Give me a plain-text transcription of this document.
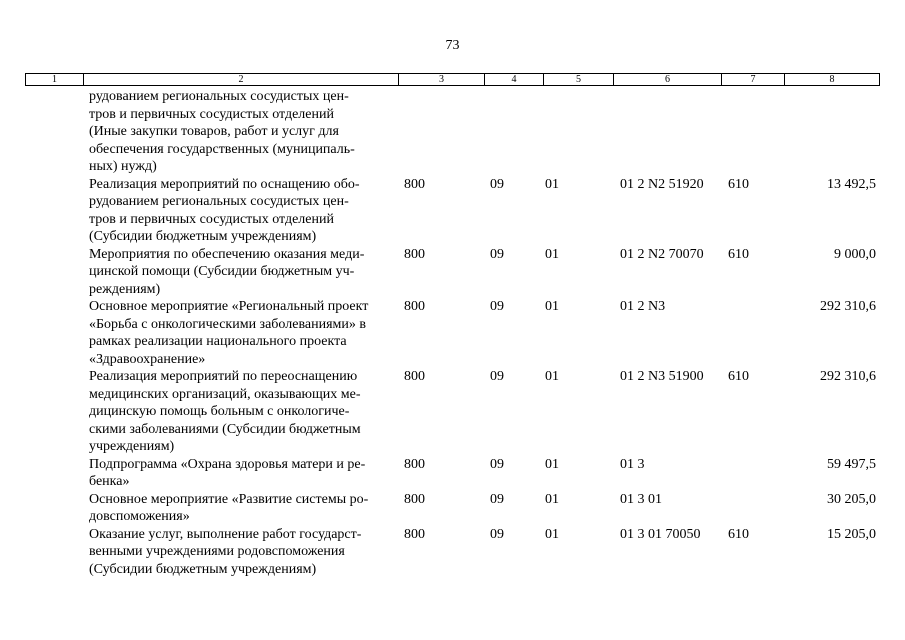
73
1	2	3	4	5	6	7	8
рудованием региональных сосудистых цен-
тров и первичных сосудистых отделений
(Иные закупки товаров, работ и услуг для
обеспечения государственных (муниципаль-
ных) нужд)
Реализация мероприятий по оснащению обо-
рудованием региональных сосудистых цен-
тров и первичных сосудистых отделений
(Субсидии бюджетным учреждениям)
800	09	01	01 2 N2 51920 610	13 492,5
Мероприятия по обеспечению оказания меди-
цинской помощи (Субсидии бюджетным уч-
реждениям)
800	09	01	01 2 N2 70070 610	9 000,0
Основное мероприятие «Региональный проект
«Борьба с онкологическими заболеваниями» в
рамках реализации национального проекта
«Здравоохранение»
800	09	01	01 2 N3	292 310,6
Реализация мероприятий по переоснащению
медицинских организаций, оказывающих ме-
дицинскую помощь больным с онкологиче-
скими заболеваниями (Субсидии бюджетным
учреждениям)
800	09	01	01 2 N3 51900 610	292 310,6
Подпрограмма «Охрана здоровья матери и ре-
бенка»
800	09	01	01 3	59 497,5
Основное мероприятие «Развитие системы ро-
довспоможения»
800	09	01	01 3 01	30 205,0
Оказание услуг, выполнение работ государст-
венными учреждениями родовспоможения
(Субсидии бюджетным учреждениям)
800	09	01	01 3 01 70050 610	15 205,0
